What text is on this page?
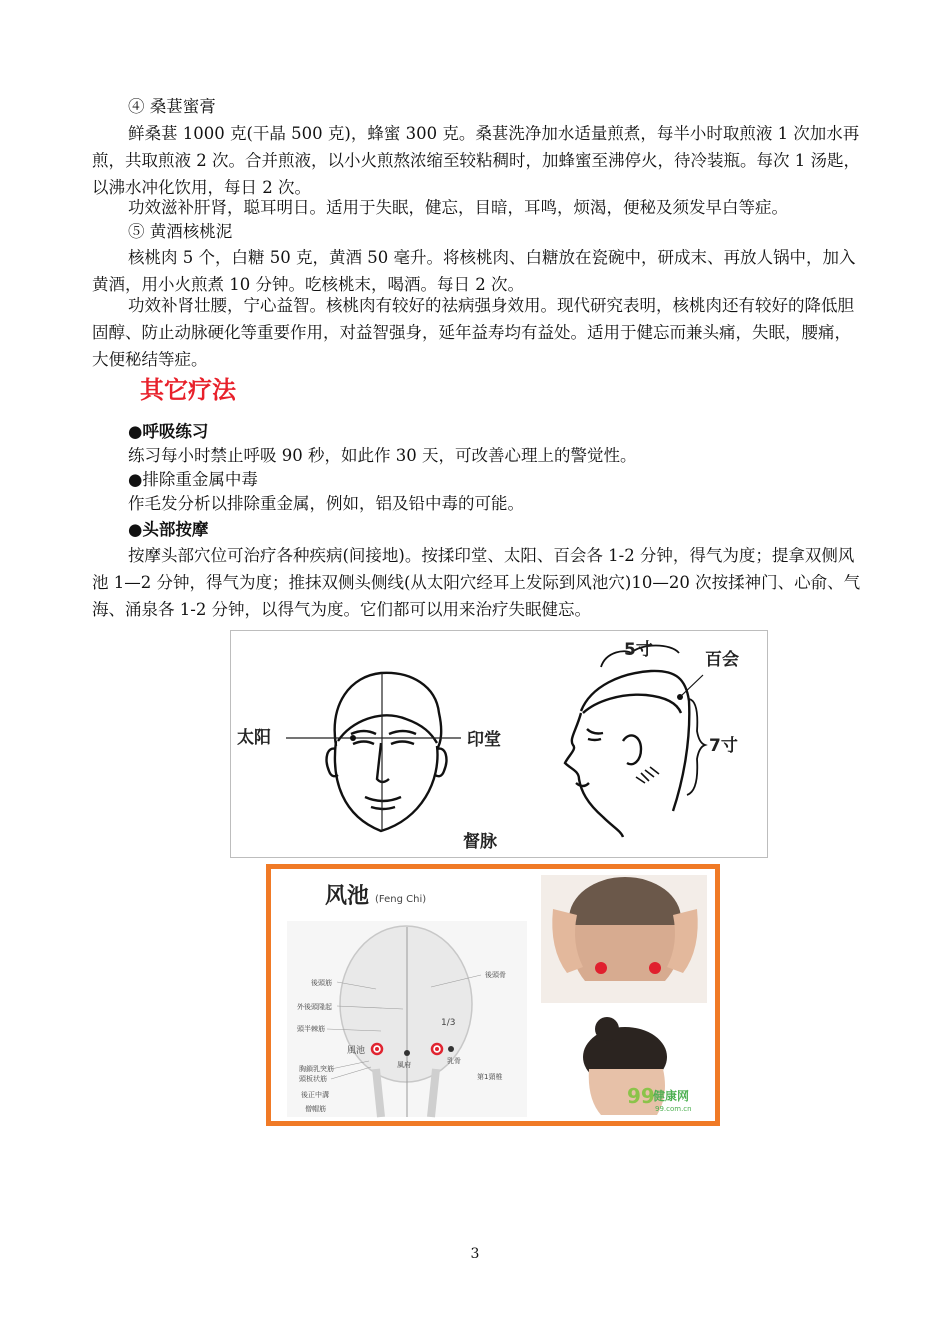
④ 桑葚蜜膏

鲜桑葚 1000 克(干晶 500 克)，蜂蜜 300 克。桑葚洗净加水适量煎煮，每半小时取煎液 1 次加水再煎，共取煎液 2 次。合并煎液，以小火煎熬浓缩至较粘稠时，加蜂蜜至沸停火，待冷装瓶。每次 1 汤匙，以沸水冲化饮用，每日 2 次。

功效滋补肝肾，聪耳明日。适用于失眠，健忘，目暗，耳鸣，烦渴，便秘及须发早白等症。

⑤ 黄酒核桃泥

核桃肉 5 个，白糖 50 克，黄酒 50 毫升。将核桃肉、白糖放在瓷碗中，研成末、再放人锅中，加入黄酒，用小火煎煮 10 分钟。吃核桃末，喝酒。每日 2 次。

功效补肾壮腰，宁心益智。核桃肉有较好的祛病强身效用。现代研究表明，核桃肉还有较好的降低胆固醇、防止动脉硬化等重要作用，对益智强身，延年益寿均有益处。适用于健忘而兼头痛，失眠，腰痛，大便秘结等症。

其它疗法

●呼吸练习

练习每小时禁止呼吸 90 秒，如此作 30 天，可改善心理上的警觉性。

●排除重金属中毒

作毛发分析以排除重金属，例如，铝及铅中毒的可能。

●头部按摩

按摩头部穴位可治疗各种疾病(间接地)。按揉印堂、太阳、百会各 1-2 分钟，得气为度；提拿双侧风池 1—2 分钟，得气为度；推抹双侧头侧线(从太阳穴经耳上发际到风池穴)10—20 次按揉神门、心俞、气海、涌泉各 1-2 分钟，以得气为度。它们都可以用来治疗失眠健忘。

太阳	印堂
督脉
5寸	百会
7寸
风池 (Feng Chi)
1/3
後頭筋
外後頭隆起
頭半棘筋
風池
胸鎖乳突筋
頭板状筋
後正中溝
僧帽筋
後頭骨
乳骨
第1頸椎
風府
99
健康网
99.com.cn
3
